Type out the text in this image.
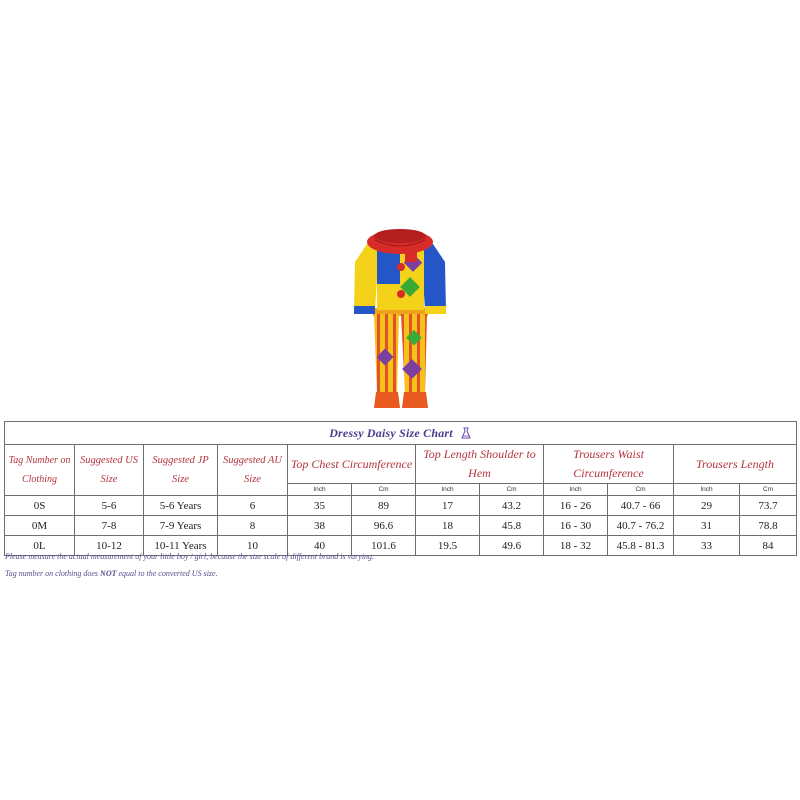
Dressy Daisy Size Chart											
Tag Number on Clothing	Suggested US Size	Suggested JP Size	Suggested AU Size	Top Chest Circumference		Top Length Shoulder to Hem		Trousers Waist Circumference		Trousers Length	
				Inch	Cm	Inch	Cm	Inch	Cm	Inch	Cm
0S	5-6	5-6 Years	6	35	89	17	43.2	16 - 26	40.7 - 66	29	73.7
0M	7-8	7-9 Years	8	38	96.6	18	45.8	16 - 30	40.7 - 76.2	31	78.8
0L	10-12	10-11 Years	10	40	101.6	19.5	49.6	18 - 32	45.8 - 81.3	33	84
Please measure the actual measurement of your little boy / girl, because the size scale of different brand is varying.
Tag number on clothing does NOT equal to the converted US size.
